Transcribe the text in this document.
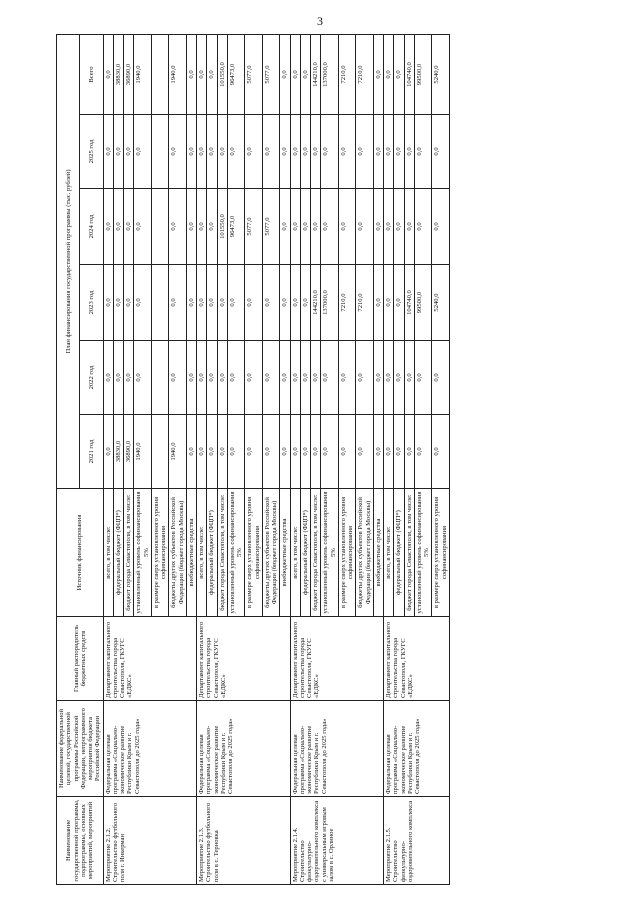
3
Наименование государственной программы, подпрограммы, основных мероприятий, мероприятий	Наименование федеральной целевой, государственной программы Российской Федерации, непрограммного мероприятия бюджета Российской Федерации	Главный распорядитель бюджетных средств	Источник финансирования	План финансирования государственной программы (тыс. рублей)					
				2021 год	2022 год	2023 год	2024 год	2025 год	Всего
Мероприятие 2.1.2. Строительство футбольного поля г. Инкерман	Федеральная целевая программа «Социально-экономическое развитие Республики Крым и г. Севастополя до 2025 года»	Департамент капитального строительства города Севастополя, ГКУГС «ЕДКС»	всего, в том числе:	0,0	0,0	0,0	0,0	0,0	0,0
			федеральный бюджет (ФЦП*)	38830,0	0,0	0,0	0,0	0,0	38830,0
			бюджет города Севастополя, в том числе:	36890,0	0,0	0,0	0,0	0,0	36890,0
			установленный уровень софинансирования 5%	1940,0	0,0	0,0	0,0	0,0	1940,0
			в размере сверх установленного уровня софинансирования						
			бюджеты других субъектов Российской Федерации (бюджет города Москвы)	1940,0	0,0	0,0	0,0	0,0	1940,0
			внебюджетные средства	0,0	0,0	0,0	0,0	0,0	0,0
Мероприятие 2.1.3. Строительство футбольного поля в с. Терновка	Федеральная целевая программа «Социально-экономическое развитие Республики Крым и г. Севастополя до 2025 года»	Департамент капитального строительства города Севастополя, ГКУГС «ЕДКС»	всего, в том числе:	0,0	0,0	0,0	0,0	0,0	0,0
			федеральный бюджет (ФЦП*)	0,0	0,0	0,0	0,0	0,0	0,0
			бюджет города Севастополя, в том числе:	0,0	0,0	0,0	101550,0	0,0	101550,0
			установленный уровень софинансирования 5%	0,0	0,0	0,0	96473,0	0,0	96473,0
			в размере сверх установленного уровня софинансирования	0,0	0,0	0,0	5077,0	0,0	5077,0
			бюджеты других субъектов Российской Федерации (бюджет города Москвы)	0,0	0,0	0,0	5077,0	0,0	5077,0
			внебюджетные средства	0,0	0,0	0,0	0,0	0,0	0,0
Мероприятие 2.1.4. Строительство физкультурно-оздоровительного комплекса с универсальным игровым залом в с. Орлиное	Федеральная целевая программа «Социально-экономическое развитие Республики Крым и г. Севастополя до 2025 года»	Департамент капитального строительства города Севастополя, ГКУГС «ЕДКС»	всего, в том числе:	0,0	0,0	0,0	0,0	0,0	0,0
			федеральный бюджет (ФЦП*)	0,0	0,0	0,0	0,0	0,0	0,0
			бюджет города Севастополя, в том числе:	0,0	0,0	144210,0	0,0	0,0	144210,0
			установленный уровень софинансирования 5%	0,0	0,0	137000,0	0,0	0,0	137000,0
			в размере сверх установленного уровня софинансирования	0,0	0,0	7210,0	0,0	0,0	7210,0
			бюджеты других субъектов Российской Федерации (бюджет города Москвы)	0,0	0,0	7210,0	0,0	0,0	7210,0
			внебюджетные средства	0,0	0,0	0,0	0,0	0,0	0,0
Мероприятие 2.1.5. Строительство физкультурно-оздоровительного комплекса	Федеральная целевая программа «Социально-экономическое развитие Республики Крым и г. Севастополя до 2025 года»	Департамент капитального строительства города Севастополя, ГКУГС «ЕДКС»	всего, в том числе:	0,0	0,0	0,0	0,0	0,0	0,0
			федеральный бюджет (ФЦП*)	0,0	0,0	0,0	0,0	0,0	0,0
			бюджет города Севастополя, в том числе:	0,0	0,0	104740,0	0,0	0,0	104740,0
			установленный уровень софинансирования 5%	0,0	0,0	99500,0	0,0	0,0	99500,0
			в размере сверх установленного уровня софинансирования	0,0	0,0	5240,0	0,0	0,0	5240,0
